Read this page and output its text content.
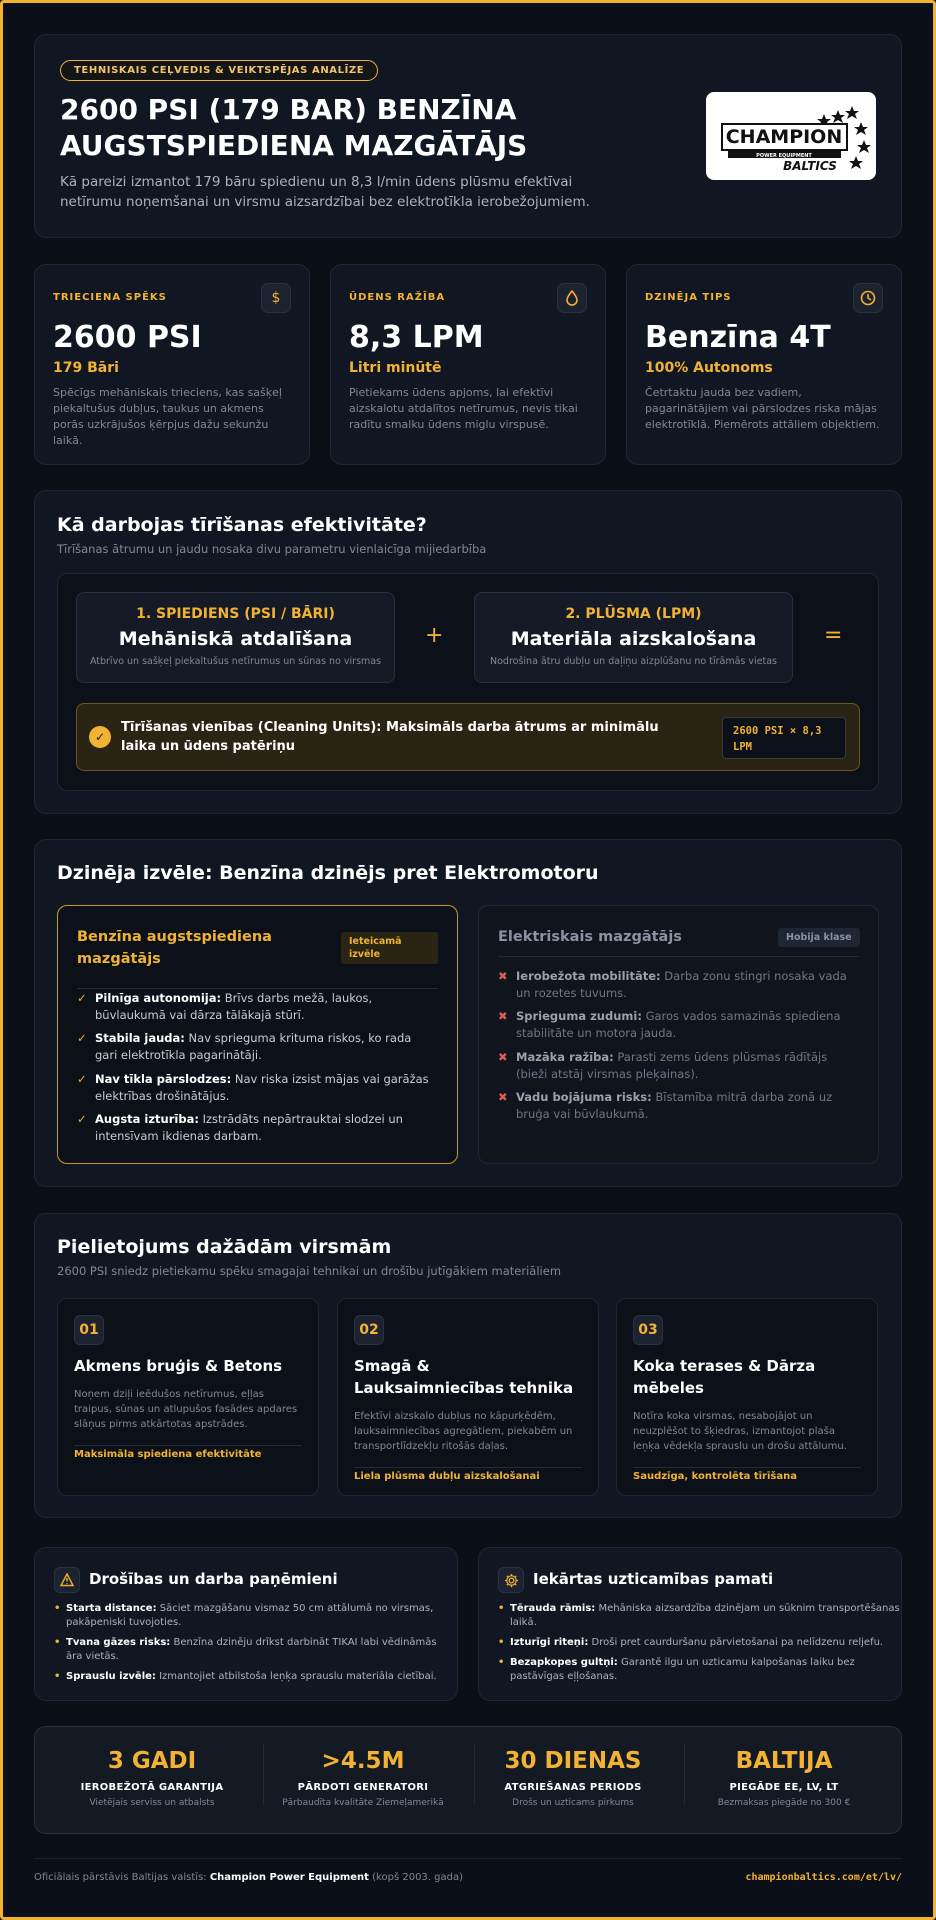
TEHNISKAIS CEĻVEDIS & VEIKTSPĒJAS ANALĪZE
2600 PSI (179 BAR) BENZĪNA AUGSTSPIEDIENA MAZGĀTĀJS
Kā pareizi izmantot 179 bāru spiedienu un 8,3 l/min ūdens plūsmu efektīvai netīrumu noņemšanai un virsmu aizsardzībai bez elektrotīkla ierobežojumiem.
CHAMPION
POWER EQUIPMENT
BALTICS
TRIECIENA SPĒKS	$
2600 PSI
179 Bāri
Spēcīgs mehāniskais trieciens, kas sašķeļ piekaltušus dubļus, taukus un akmens porās uzkrājušos ķērpjus dažu sekunžu laikā.
ŪDENS RAŽĪBA
8,3 LPM
Litri minūtē
Pietiekams ūdens apjoms, lai efektīvi aizskalotu atdalītos netīrumus, nevis tikai radītu smalku ūdens miglu virspusē.
DZINĒJA TIPS
Benzīna 4T
100% Autonoms
Četrtaktu jauda bez vadiem, pagarinātājiem vai pārslodzes riska mājas elektrotīklā. Piemērots attāliem objektiem.
Kā darbojas tīrīšanas efektivitāte?
Tīrīšanas ātrumu un jaudu nosaka divu parametru vienlaicīga mijiedarbība
1. SPIEDIENS (PSI / BĀRI)
Mehāniskā atdalīšana
Atbrīvo un sašķeļ piekaltušus netīrumus un sūnas no virsmas
+
2. PLŪSMA (LPM)
Materiāla aizskalošana
Nodrošina ātru dubļu un daļiņu aizplūšanu no tīrāmās vietas
=
✓
Tīrīšanas vienības (Cleaning Units): Maksimāls darba ātrums ar minimālu laika un ūdens patēriņu
2600 PSI × 8,3 LPM
Dzinēja izvēle: Benzīna dzinējs pret Elektromotoru
Benzīna augstspiediena mazgātājs
Ieteicamā izvēle
✓ Pilnīga autonomija: Brīvs darbs mežā, laukos, būvlaukumā vai dārza tālākajā stūrī.
✓ Stabila jauda: Nav sprieguma krituma riskos, ko rada gari elektrotīkla pagarinātāji.
✓ Nav tīkla pārslodzes: Nav riska izsist mājas vai garāžas elektrības drošinātājus.
✓ Augsta izturība: Izstrādāts nepārtrauktai slodzei un intensīvam ikdienas darbam.
Elektriskais mazgātājs	Hobija klase
✖ Ierobežota mobilitāte: Darba zonu stingri nosaka vada un rozetes tuvums.
✖ Sprieguma zudumi: Garos vados samazinās spiediena stabilitāte un motora jauda.
✖ Mazāka ražība: Parasti zems ūdens plūsmas rādītājs (bieži atstāj virsmas pleķainas).
✖ Vadu bojājuma risks: Bīstamība mitrā darba zonā uz bruģa vai būvlaukumā.
Pielietojums dažādām virsmām
2600 PSI sniedz pietiekamu spēku smagajai tehnikai un drošību jutīgākiem materiāliem
01
Akmens bruģis & Betons
Noņem dziļi ieēdušos netīrumus, eļļas traipus, sūnas un atlupušos fasādes apdares slāņus pirms atkārtotas apstrādes.
Maksimāla spiediena efektivitāte
02
Smagā & Lauksaimniecības tehnika
Efektīvi aizskalo dubļus no kāpurķēdēm, lauksaimniecības agregātiem, piekabēm un transportlīdzekļu ritošās daļas.
Liela plūsma dubļu aizskalošanai
03
Koka terases & Dārza mēbeles
Notīra koka virsmas, nesabojājot un neuzplēšot to šķiedras, izmantojot plaša leņķa vēdekļa sprauslu un drošu attālumu.
Saudzīga, kontrolēta tīrīšana
Drošības un darba paņēmieni
• Starta distance: Sāciet mazgāšanu vismaz 50 cm attālumā no virsmas, pakāpeniski tuvojoties.
• Tvana gāzes risks: Benzīna dzinēju drīkst darbināt TIKAI labi vēdināmās āra vietās.
• Sprauslu izvēle: Izmantojiet atbilstoša leņķa sprauslu materiāla cietībai.
Iekārtas uzticamības pamati
• Tērauda rāmis: Mehāniska aizsardzība dzinējam un sūknim transportēšanas laikā.
• Izturīgi riteņi: Droši pret caurduršanu pārvietošanai pa nelīdzenu reljefu.
• Bezapkopes gultņi: Garantē ilgu un uzticamu kalpošanas laiku bez pastāvīgas eļļošanas.
3 GADI
IEROBEŽOTĀ GARANTIJA
Vietējais serviss un atbalsts
>4.5M
PĀRDOTI GENERATORI
Pārbaudīta kvalitāte Ziemeļamerikā
30 DIENAS
ATGRIEŠANAS PERIODS
Drošs un uzticams pirkums
BALTIJA
PIEGĀDE EE, LV, LT
Bezmaksas piegāde no 300 €
Oficiālais pārstāvis Baltijas valstīs: Champion Power Equipment (kopš 2003. gada)	championbaltics.com/et/lv/
